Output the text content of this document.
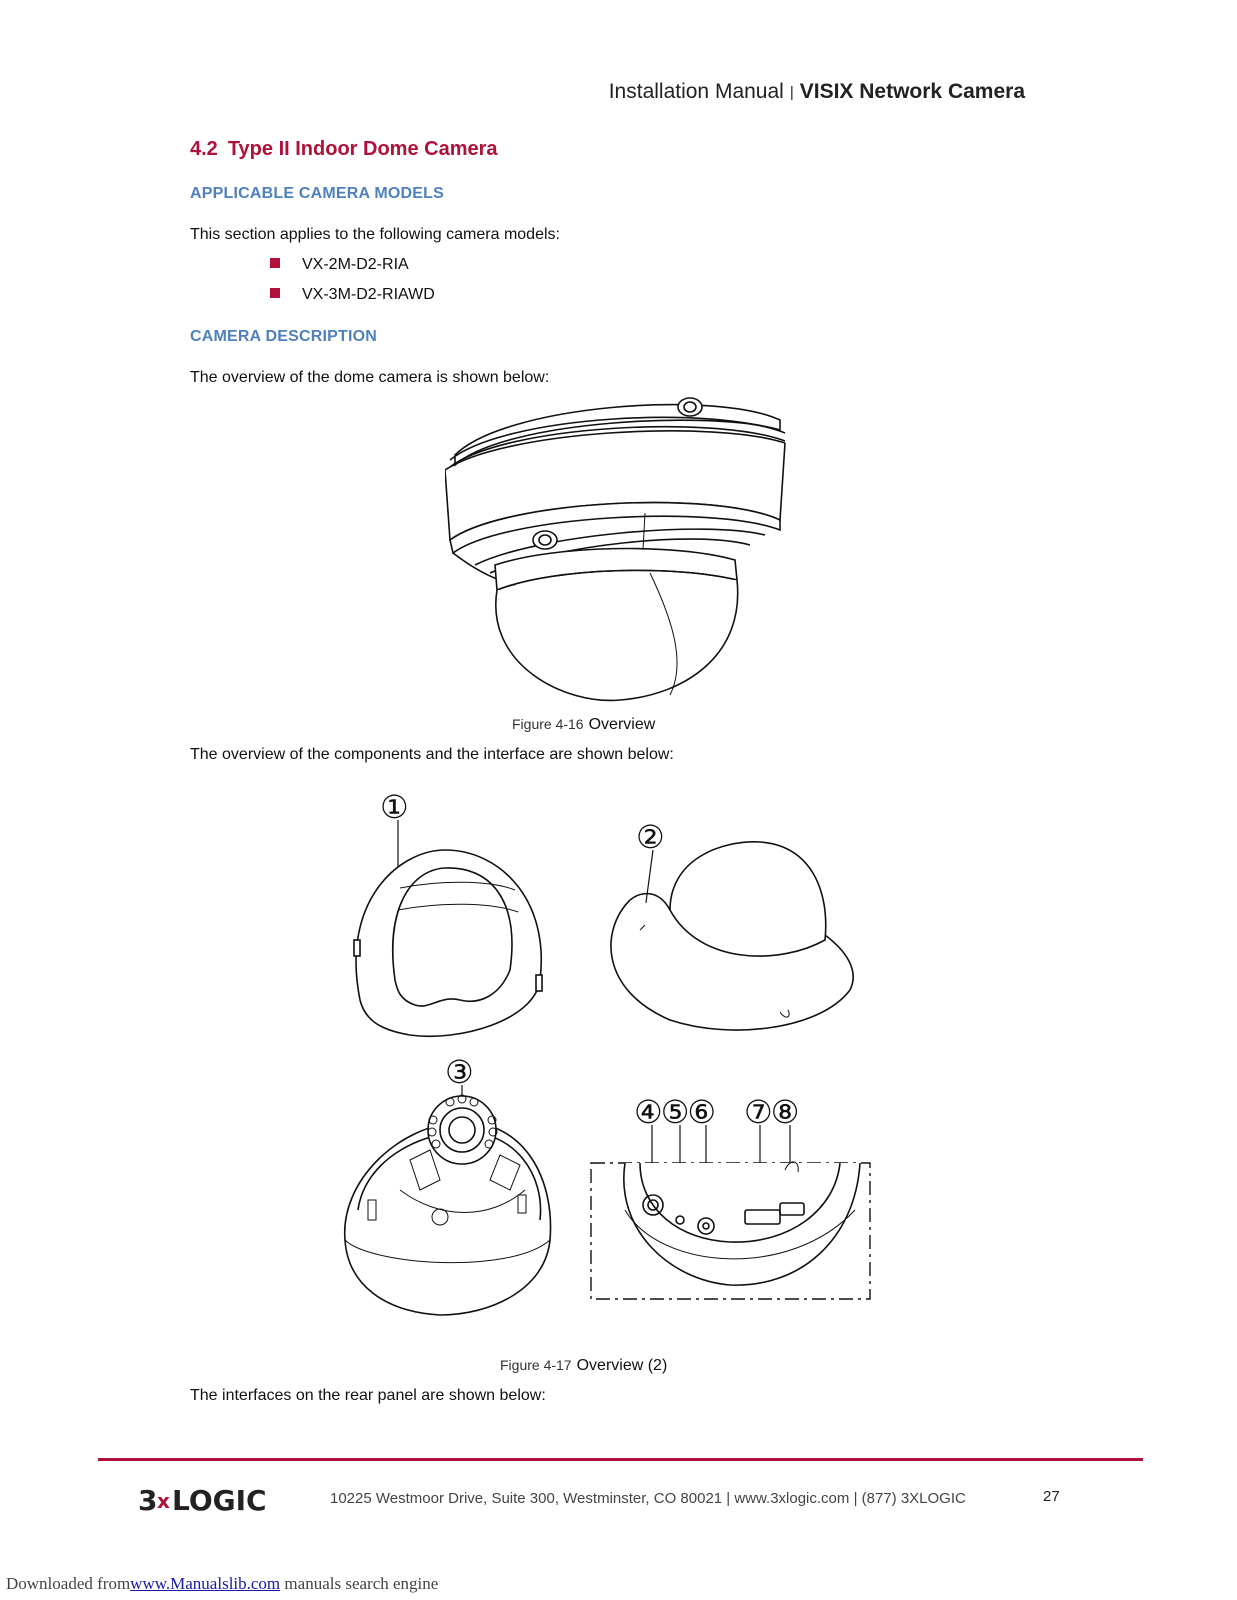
Installation Manual | VISIX Network Camera
4.2 Type II Indoor Dome Camera
APPLICABLE CAMERA MODELS
This section applies to the following camera models:
VX-2M-D2-RIA
VX-3M-D2-RIAWD
CAMERA DESCRIPTION
The overview of the dome camera is shown below:
Figure 4-16 Overview
The overview of the components and the interface are shown below:
①
②
③
④⑤⑥ ⑦⑧
Figure 4-17 Overview (2)
The interfaces on the rear panel are shown below:
3 x LOGIC	10225 Westmoor Drive, Suite 300, Westminster, CO 80021 | www.3xlogic.com | (877) 3XLOGIC	27
Downloaded fromwww.Manualslib.com manuals search engine
